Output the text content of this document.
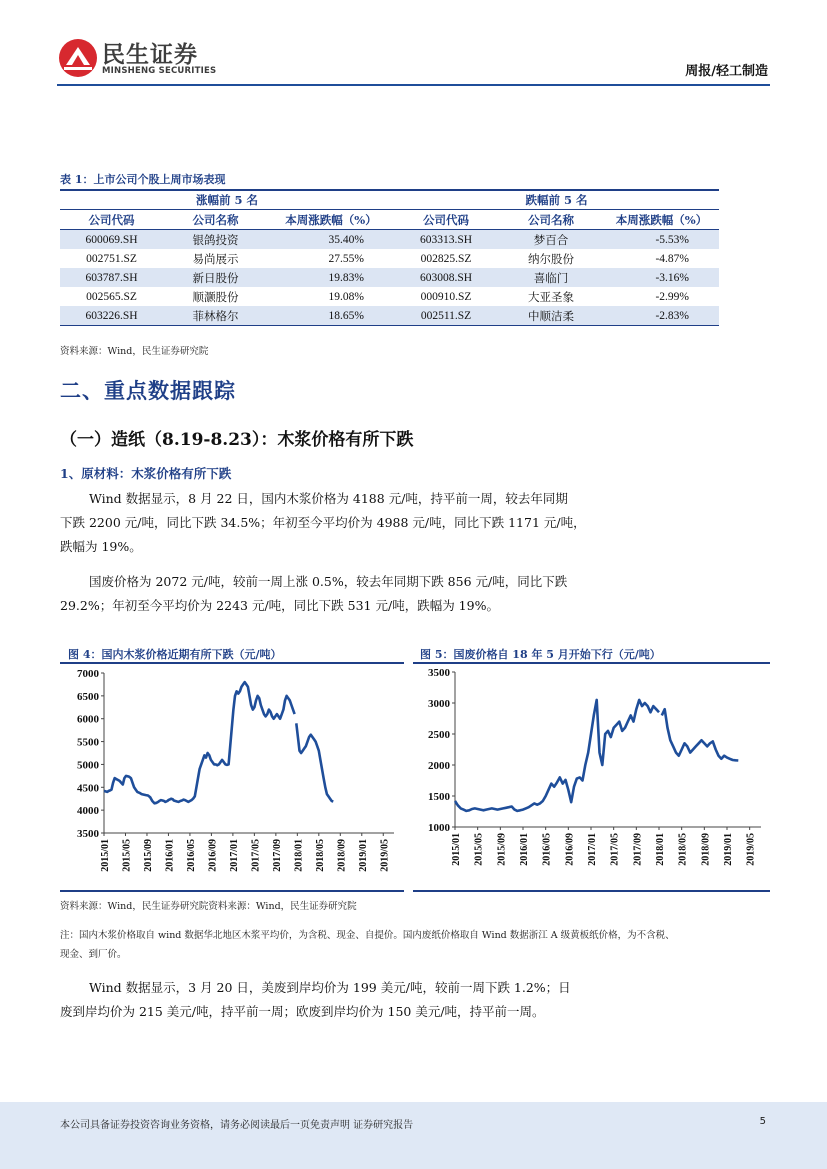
民生证券
MINSHENG SECURITIES	周报/轻工制造
表 1：上市公司个股上周市场表现
涨幅前 5 名			跌幅前 5 名		
公司代码	公司名称	本周涨跌幅（%）	公司代码	公司名称	本周涨跌幅（%）
600069.SH	银鸽投资	35.40%	603313.SH	梦百合	-5.53%
002751.SZ	易尚展示	27.55%	002825.SZ	纳尔股份	-4.87%
603787.SH	新日股份	19.83%	603008.SH	喜临门	-3.16%
002565.SZ	顺灏股份	19.08%	000910.SZ	大亚圣象	-2.99%
603226.SH	菲林格尔	18.65%	002511.SZ	中顺洁柔	-2.83%
资料来源：Wind，民生证券研究院
二、重点数据跟踪
（一）造纸（8.19-8.23）：木浆价格有所下跌
1、原材料：木浆价格有所下跌
Wind 数据显示，8 月 22 日，国内木浆价格为 4188 元/吨，持平前一周，较去年同期
下跌 2200 元/吨，同比下跌 34.5%；年初至今平均价为 4988 元/吨，同比下跌 1171 元/吨，
跌幅为 19%。
国废价格为 2072 元/吨，较前一周上涨 0.5%，较去年同期下跌 856 元/吨，同比下跌
29.2%；年初至今平均价为 2243 元/吨，同比下跌 531 元/吨，跌幅为 19%。
图 4：国内木浆价格近期有所下跌（元/吨）	图 5：国废价格自 18 年 5 月开始下行（元/吨）
7000
6500
6000
5500
5000
4500
4000
3500
2015/01 2015/05 2015/09 2016/01 2016/05 2016/09 2017/01 2017/05 2017/09 2018/01 2018/05 2018/09 2019/01 2019/05
3500
3000
2500
2000
1500
1000
2015/01 2015/05 2015/09 2016/01 2016/05 2016/09 2017/01 2017/05 2017/09 2018/01 2018/05 2018/09 2019/01 2019/05
资料来源：Wind，民生证券研究院资料来源：Wind，民生证券研究院
注：国内木浆价格取自 wind 数据华北地区木浆平均价，为含税、现金、自提价。国内废纸价格取自 Wind 数据浙江 A 级黄板纸价格，为不含税、
现金、到厂价。
Wind 数据显示，3 月 20 日，美废到岸均价为 199 美元/吨，较前一周下跌 1.2%；日
废到岸均价为 215 美元/吨，持平前一周；欧废到岸均价为 150 美元/吨，持平前一周。
本公司具备证券投资咨询业务资格，请务必阅读最后一页免责声明 证券研究报告	5
